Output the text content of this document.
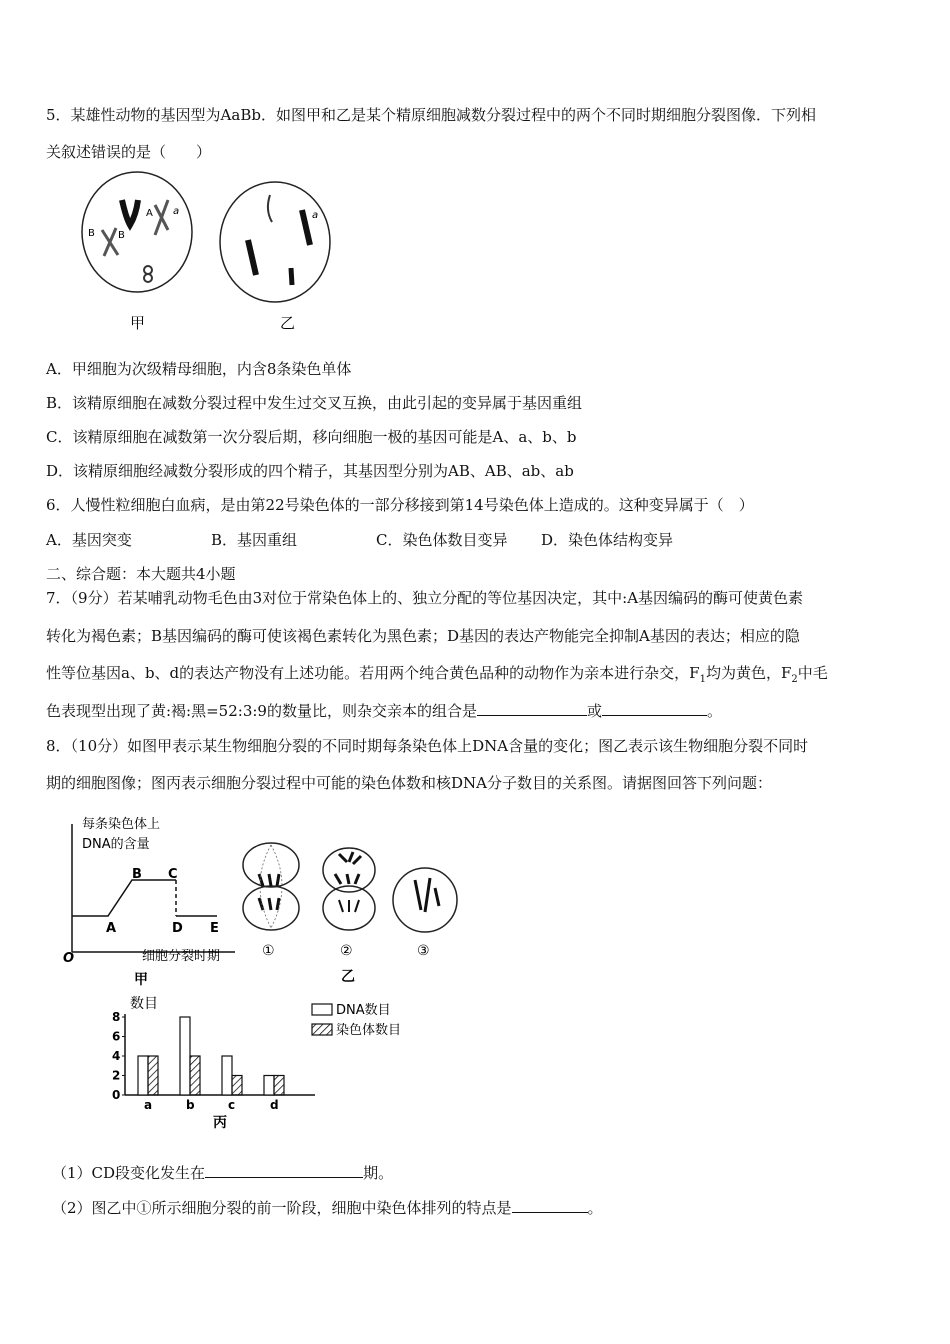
5．某雄性动物的基因型为AaBb．如图甲和乙是某个精原细胞减数分裂过程中的两个不同时期细胞分裂图像．下列相
关叙述错误的是（　　）
A a
B B
a
甲	乙
A．甲细胞为次级精母细胞，内含8条染色单体
B．该精原细胞在减数分裂过程中发生过交叉互换，由此引起的变异属于基因重组
C．该精原细胞在减数第一次分裂后期，移向细胞一极的基因可能是A、a、b、b
D．该精原细胞经减数分裂形成的四个精子，其基因型分别为AB、AB、ab、ab
6．人慢性粒细胞白血病，是由第22号染色体的一部分移接到第14号染色体上造成的。这种变异属于（　）
A．基因突变	B．基因重组	C．染色体数目变异 D．染色体结构变异
二、综合题：本大题共4小题
7．（9分）若某哺乳动物毛色由3对位于常染色体上的、独立分配的等位基因决定，其中:A基因编码的酶可使黄色素
转化为褐色素；B基因编码的酶可使该褐色素转化为黑色素；D基因的表达产物能完全抑制A基因的表达；相应的隐
性等位基因a、b、d的表达产物没有上述功能。若用两个纯合黄色品种的动物作为亲本进行杂交，$F_1$均为黄色，$F_2$中毛
色表现型出现了黄:褐:黑=52:3:9的数量比，则杂交亲本的组合是	或	。
8．（10分）如图甲表示某生物细胞分裂的不同时期每条染色体上DNA含量的变化；图乙表示该生物细胞分裂不同时
期的细胞图像；图丙表示细胞分裂过程中可能的染色体数和核DNA分子数目的关系图。请据图回答下列问题：
每条染色体上
DNA的含量
A
B C
D E
O	细胞分裂时期
甲
①	②	③
乙
数目
0
2
4
6
8
a	b	c	d
DNA数目
染色体数目
丙
（1）CD段变化发生在	期。
（2）图乙中①所示细胞分裂的前一阶段，细胞中染色体排列的特点是	。
